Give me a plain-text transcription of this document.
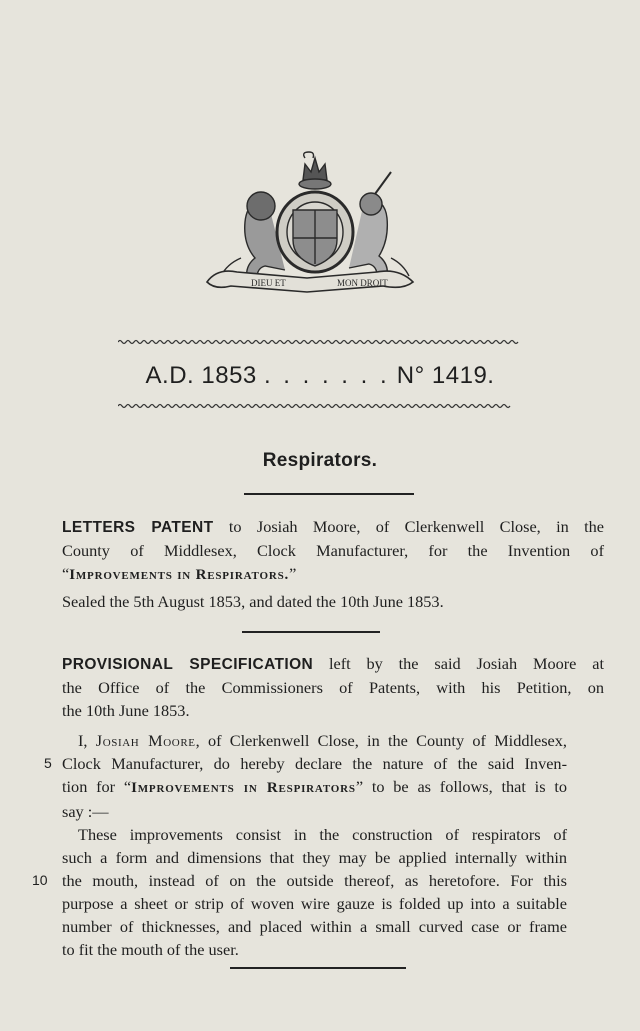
DIEU ET	MON DROIT
A.D. 1853 . . . . . . . N° 1419.
Respirators.
LETTERS PATENT to Josiah Moore, of Clerkenwell Close, in the
County of Middlesex, Clock Manufacturer, for the Invention of
“Improvements in Respirators.”
Sealed the 5th August 1853, and dated the 10th June 1853.
PROVISIONAL SPECIFICATION left by the said Josiah Moore at
the Office of the Commissioners of Patents, with his Petition, on
the 10th June 1853.
I, Josiah Moore, of Clerkenwell Close, in the County of Middlesex,
5 Clock Manufacturer, do hereby declare the nature of the said Inven-
tion for “Improvements in Respirators” to be as follows, that is to
say :—
These improvements consist in the construction of respirators of
such a form and dimensions that they may be applied internally within
10 the mouth, instead of on the outside thereof, as heretofore. For this
purpose a sheet or strip of woven wire gauze is folded up into a suitable
number of thicknesses, and placed within a small curved case or frame
to fit the mouth of the user.
